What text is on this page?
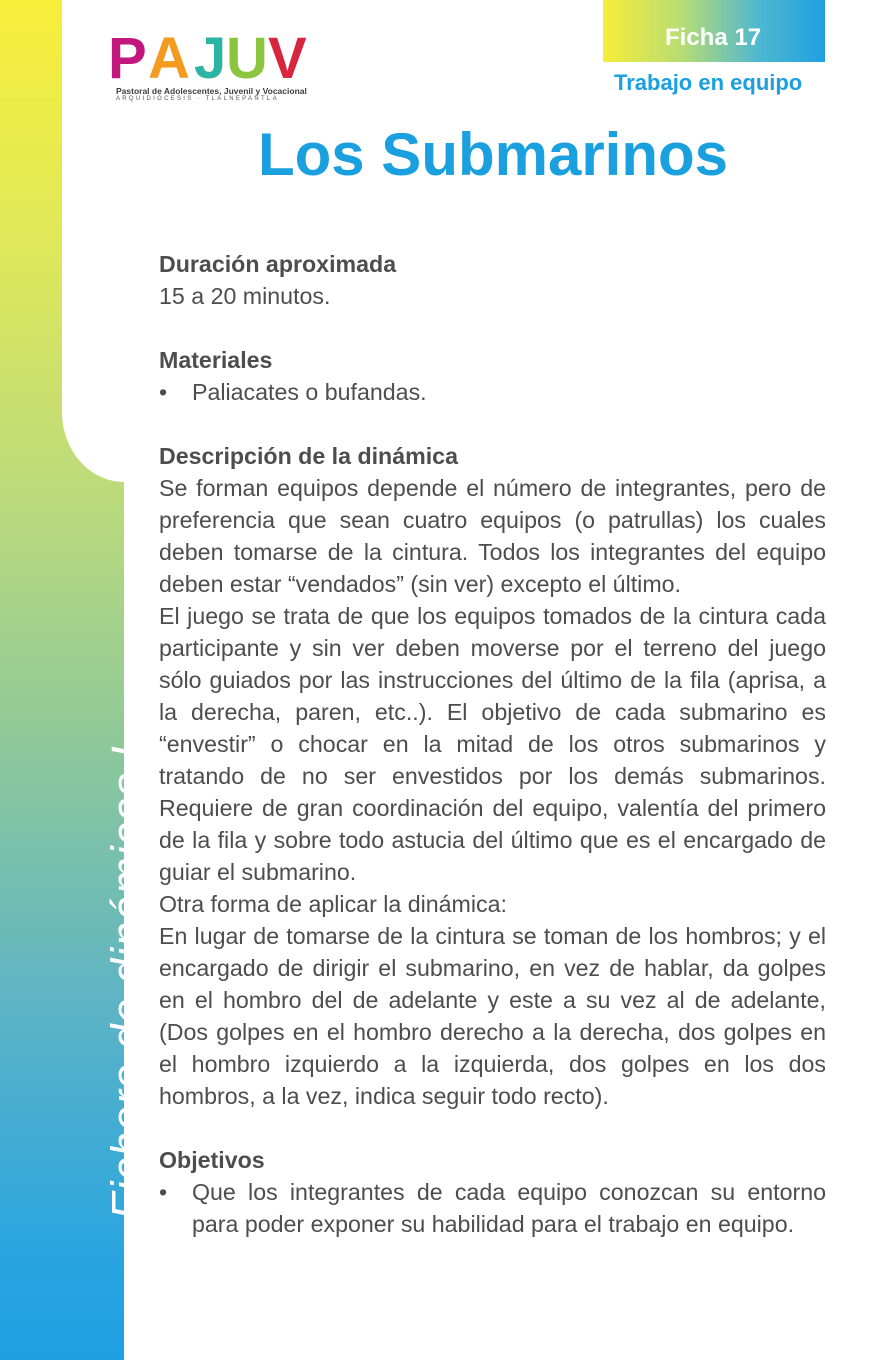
Fichero de dinámicas I
P A J U V
Pastoral de Adolescentes, Juvenil y Vocacional
ARQUIDIÓCESIS · TLALNEPANTLA
Ficha 17
Trabajo en equipo
Los Submarinos

Duración aproximada

15 a 20 minutos.

Materiales

• Paliacates o bufandas.

Descripción de la dinámica

Se forman equipos depende el número de integrantes, pero de preferencia que sean cuatro equipos (o patrullas) los cuales deben tomarse de la cintura. Todos los integrantes del equipo deben estar “vendados” (sin ver) excepto el último.

El juego se trata de que los equipos tomados de la cintura cada participante y sin ver deben moverse por el terreno del juego sólo guiados por las instrucciones del último de la fila (aprisa, a la derecha, paren, etc..). El objetivo de cada submarino es “envestir” o chocar en la mitad de los otros submarinos y tratando de no ser envestidos por los demás submarinos. Requiere de gran coordinación del equipo, valentía del primero de la fila y sobre todo astucia del último que es el encargado de guiar el submarino.

Otra forma de aplicar la dinámica:

En lugar de tomarse de la cintura se toman de los hombros; y el encargado de dirigir el submarino, en vez de hablar, da golpes en el hombro del de adelante y este a su vez al de adelante, (Dos golpes en el hombro derecho a la derecha, dos golpes en el hombro izquierdo a la izquierda, dos golpes en los dos hombros, a la vez, indica seguir todo recto).

Objetivos

• Que los integrantes de cada equipo conozcan su entorno para poder exponer su habilidad para el trabajo en equipo.
